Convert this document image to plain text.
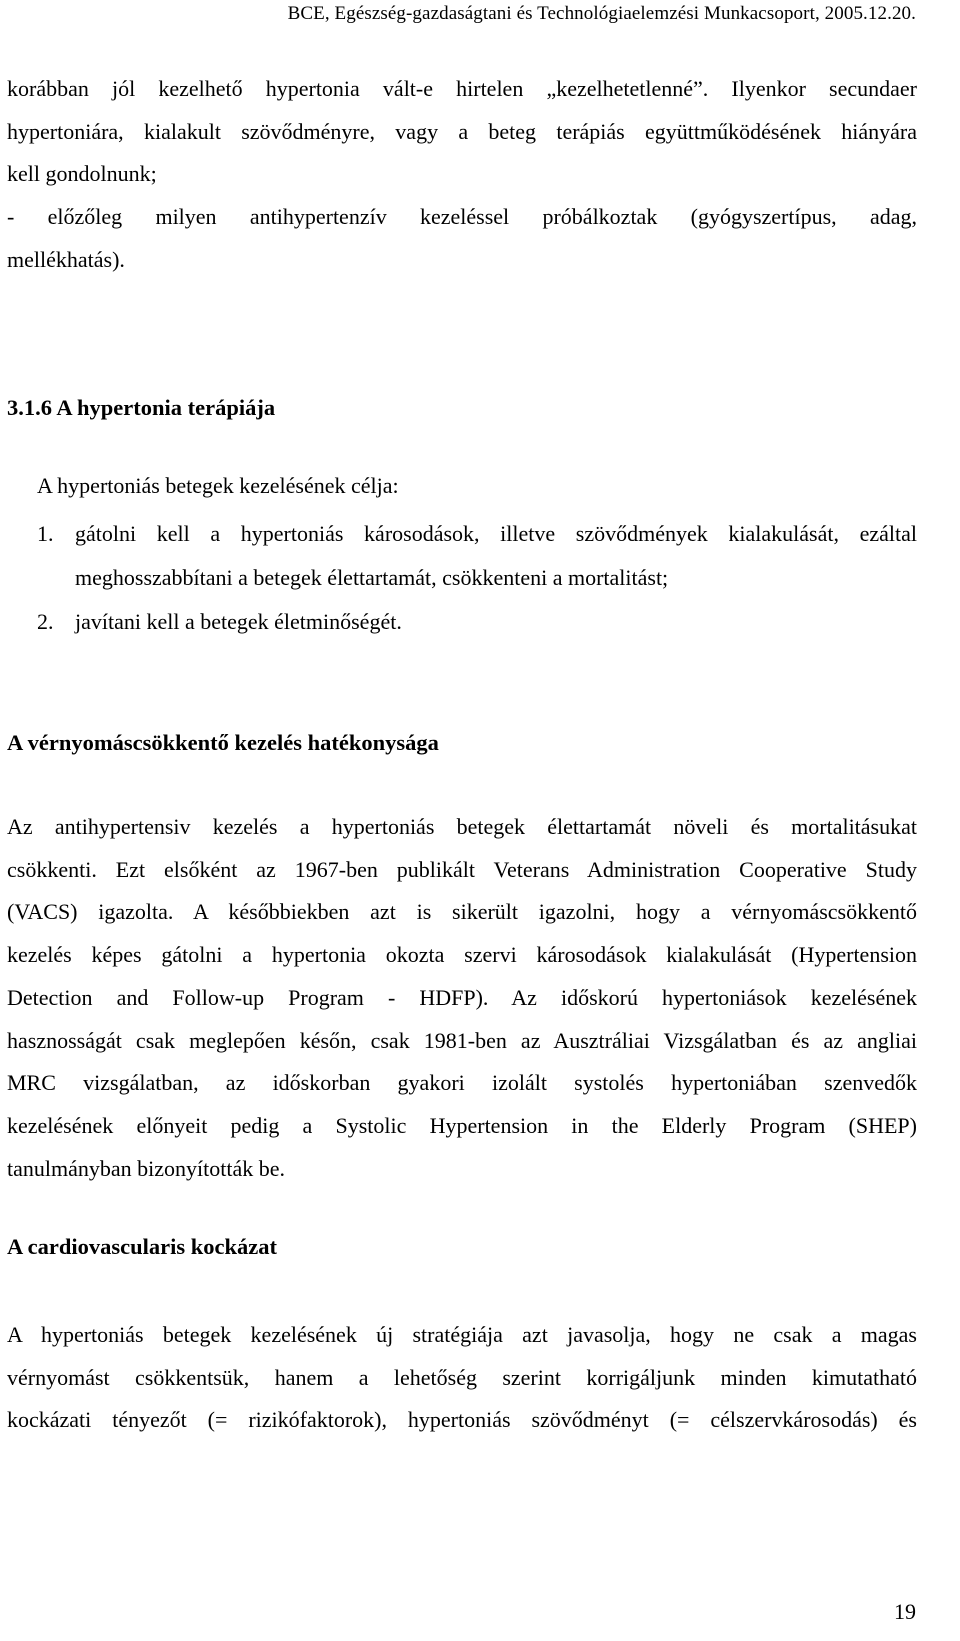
BCE, Egészség-gazdaságtani és Technológiaelemzési Munkacsoport, 2005.12.20.
korábban jól kezelhető hypertonia vált-e hirtelen „kezelhetetlenné”. Ilyenkor secundaer
hypertoniára, kialakult szövődményre, vagy a beteg terápiás együttműködésének hiányára
kell gondolnunk;
- előzőleg milyen antihypertenzív kezeléssel próbálkoztak (gyógyszertípus, adag,
mellékhatás).
3.1.6 A hypertonia terápiája
A hypertoniás betegek kezelésének célja:
1. gátolni kell a hypertoniás károsodások, illetve szövődmények kialakulását, ezáltal
meghosszabbítani a betegek élettartamát, csökkenteni a mortalitást;
2. javítani kell a betegek életminőségét.
A vérnyomáscsökkentő kezelés hatékonysága
Az antihypertensiv kezelés a hypertoniás betegek élettartamát növeli és mortalitásukat
csökkenti. Ezt elsőként az 1967-ben publikált Veterans Administration Cooperative Study
(VACS) igazolta. A későbbiekben azt is sikerült igazolni, hogy a vérnyomáscsökkentő
kezelés képes gátolni a hypertonia okozta szervi károsodások kialakulását (Hypertension
Detection and Follow-up Program - HDFP). Az időskorú hypertoniások kezelésének
hasznosságát csak meglepően későn, csak 1981-ben az Ausztráliai Vizsgálatban és az angliai
MRC vizsgálatban, az időskorban gyakori izolált systolés hypertoniában szenvedők
kezelésének előnyeit pedig a Systolic Hypertension in the Elderly Program (SHEP)
tanulmányban bizonyították be.
A cardiovascularis kockázat
A hypertoniás betegek kezelésének új stratégiája azt javasolja, hogy ne csak a magas
vérnyomást csökkentsük, hanem a lehetőség szerint korrigáljunk minden kimutatható
kockázati tényezőt (= rizikófaktorok), hypertoniás szövődményt (= célszervkárosodás) és
19
